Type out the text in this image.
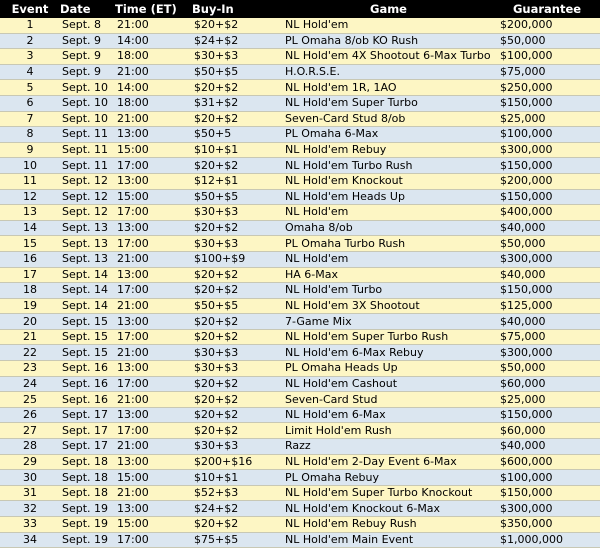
Event	Date	Time (ET)	Buy-In	Game	Guarantee
1	Sept. 8	21:00	$20+$2	NL Hold'em	$200,000
2	Sept. 9	14:00	$24+$2	PL Omaha 8/ob KO Rush	$50,000
3	Sept. 9	18:00	$30+$3	NL Hold'em 4X Shootout 6-Max Turbo	$100,000
4	Sept. 9	21:00	$50+$5	H.O.R.S.E.	$75,000
5	Sept. 10	14:00	$20+$2	NL Hold'em 1R, 1AO	$250,000
6	Sept. 10	18:00	$31+$2	NL Hold'em Super Turbo	$150,000
7	Sept. 10	21:00	$20+$2	Seven-Card Stud 8/ob	$25,000
8	Sept. 11	13:00	$50+5	PL Omaha 6-Max	$100,000
9	Sept. 11	15:00	$10+$1	NL Hold'em Rebuy	$300,000
10	Sept. 11	17:00	$20+$2	NL Hold'em Turbo Rush	$150,000
11	Sept. 12	13:00	$12+$1	NL Hold'em Knockout	$200,000
12	Sept. 12	15:00	$50+$5	NL Hold'em Heads Up	$150,000
13	Sept. 12	17:00	$30+$3	NL Hold'em	$400,000
14	Sept. 13	13:00	$20+$2	Omaha 8/ob	$40,000
15	Sept. 13	17:00	$30+$3	PL Omaha Turbo Rush	$50,000
16	Sept. 13	21:00	$100+$9	NL Hold'em	$300,000
17	Sept. 14	13:00	$20+$2	HA 6-Max	$40,000
18	Sept. 14	17:00	$20+$2	NL Hold'em Turbo	$150,000
19	Sept. 14	21:00	$50+$5	NL Hold'em 3X Shootout	$125,000
20	Sept. 15	13:00	$20+$2	7-Game Mix	$40,000
21	Sept. 15	17:00	$20+$2	NL Hold'em Super Turbo Rush	$75,000
22	Sept. 15	21:00	$30+$3	NL Hold'em 6-Max Rebuy	$300,000
23	Sept. 16	13:00	$30+$3	PL Omaha Heads Up	$50,000
24	Sept. 16	17:00	$20+$2	NL Hold'em Cashout	$60,000
25	Sept. 16	21:00	$20+$2	Seven-Card Stud	$25,000
26	Sept. 17	13:00	$20+$2	NL Hold'em 6-Max	$150,000
27	Sept. 17	17:00	$20+$2	Limit Hold'em Rush	$60,000
28	Sept. 17	21:00	$30+$3	Razz	$40,000
29	Sept. 18	13:00	$200+$16	NL Hold'em 2-Day Event 6-Max	$600,000
30	Sept. 18	15:00	$10+$1	PL Omaha Rebuy	$100,000
31	Sept. 18	21:00	$52+$3	NL Hold'em Super Turbo Knockout	$150,000
32	Sept. 19	13:00	$24+$2	NL Hold'em Knockout 6-Max	$300,000
33	Sept. 19	15:00	$20+$2	NL Hold'em Rebuy Rush	$350,000
34	Sept. 19	17:00	$75+$5	NL Hold'em Main Event	$1,000,000
